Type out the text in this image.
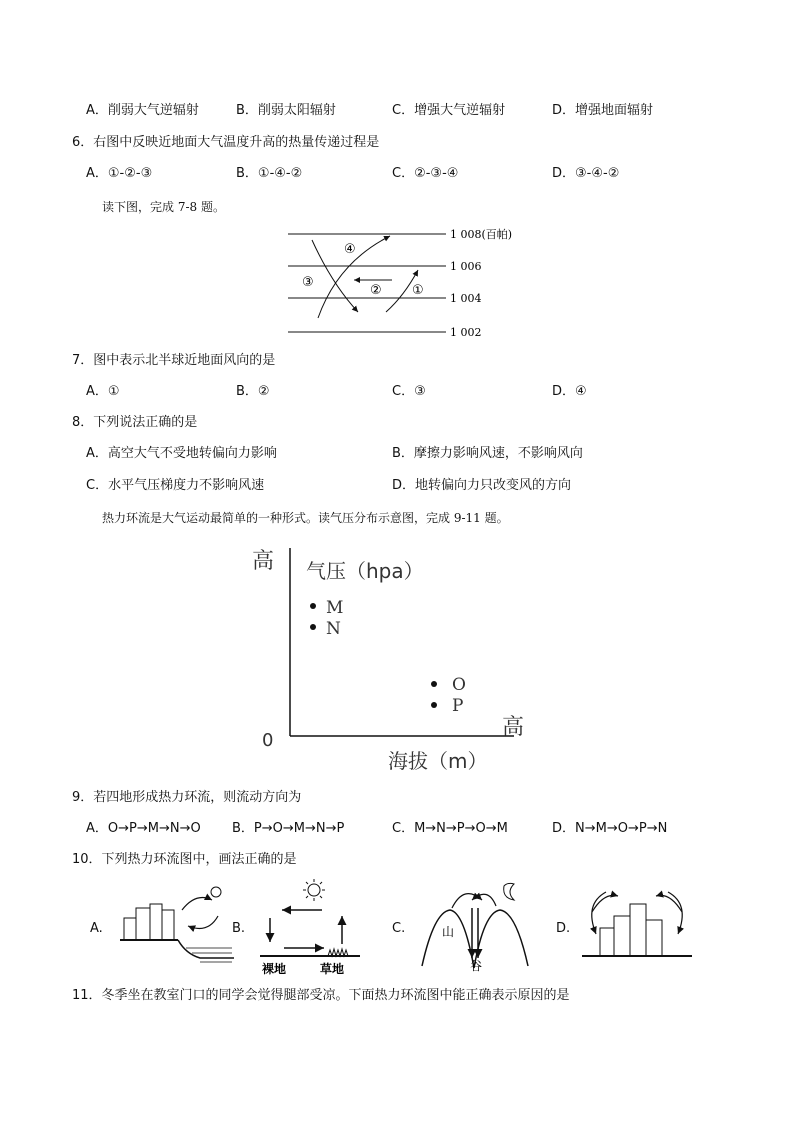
A．削弱大气逆辐射	B．削弱太阳辐射	C．增强大气逆辐射	D．增强地面辐射
6．右图中反映近地面大气温度升高的热量传递过程是
A．①-②-③	B．①-④-②	C．②-③-④	D．③-④-②
读下图，完成 7-8 题。
④
③
② ①
1 008(百帕)
1 006
1 004
1 002
7．图中表示北半球近地面风向的是
A．①	B．②	C．③	D．④
8．下列说法正确的是
A．高空大气不受地转偏向力影响	B．摩擦力影响风速，不影响风向
C．水平气压梯度力不影响风速	D．地转偏向力只改变风的方向
热力环流是大气运动最简单的一种形式。读气压分布示意图，完成 9-11 题。
高 气压（hpa）
0
高
海拔（m）
M
N
O
P
9．若四地形成热力环流，则流动方向为
A．O→P→M→N→O B．P→O→M→N→P	C．M→N→P→O→M	D．N→M→O→P→N
10．下列热力环流图中，画法正确的是
A.	B.
裸地	草地
C.	山
谷
D.
11．冬季坐在教室门口的同学会觉得腿部受凉。下面热力环流图中能正确表示原因的是
